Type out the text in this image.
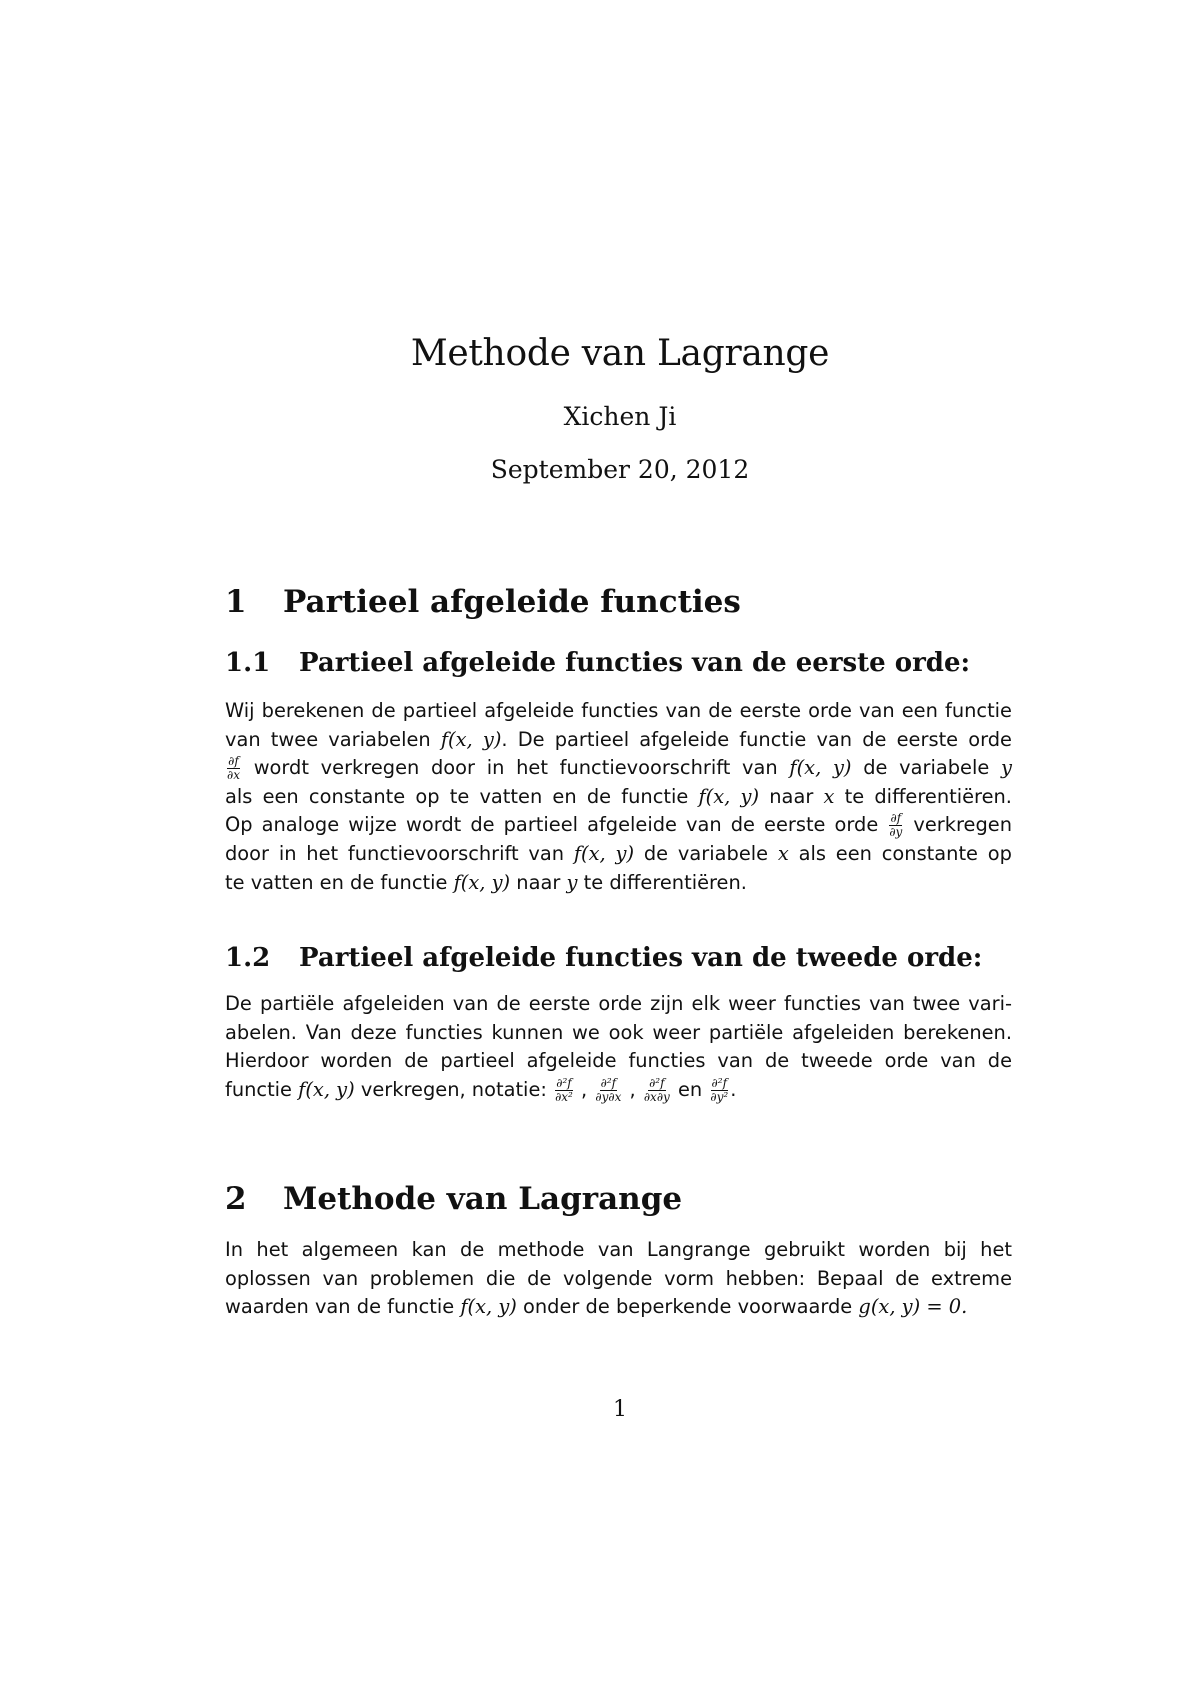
Methode van Lagrange
Xichen Ji
September 20, 2012
1 Partieel afgeleide functies
1.1 Partieel afgeleide functies van de eerste orde:
Wij berekenen de partieel afgeleide functies van de eerste orde van een functie
van twee variabelen f(x, y). De partieel afgeleide functie van de eerste orde
$\frac{\partial f}{\partial x}$ wordt verkregen door in het functievoorschrift van f(x, y) de variabele y
als een constante op te vatten en de functie f(x, y) naar x te differentiëren.
Op analoge wijze wordt de partieel afgeleide van de eerste orde $\frac{\partial f}{\partial y}$ verkregen
door in het functievoorschrift van f(x, y) de variabele x als een constante op
te vatten en de functie f(x, y) naar y te differentiëren.
1.2 Partieel afgeleide functies van de tweede orde:
De partiële afgeleiden van de eerste orde zijn elk weer functies van twee vari-
abelen. Van deze functies kunnen we ook weer partiële afgeleiden berekenen.
Hierdoor worden de partieel afgeleide functies van de tweede orde van de
functie f(x, y) verkregen, notatie: $\frac{\text{∂²f}}{\text{∂x²}}$ , $\frac{\text{∂²f}}{\partial y\partial x}$ , $\frac{\text{∂²f}}{\partial x\partial y}$ en $\frac{\text{∂²f}}{\text{∂y²}}$ .
2 Methode van Lagrange
In het algemeen kan de methode van Langrange gebruikt worden bij het
oplossen van problemen die de volgende vorm hebben: Bepaal de extreme
waarden van de functie f(x, y) onder de beperkende voorwaarde g(x, y) = 0.
1
